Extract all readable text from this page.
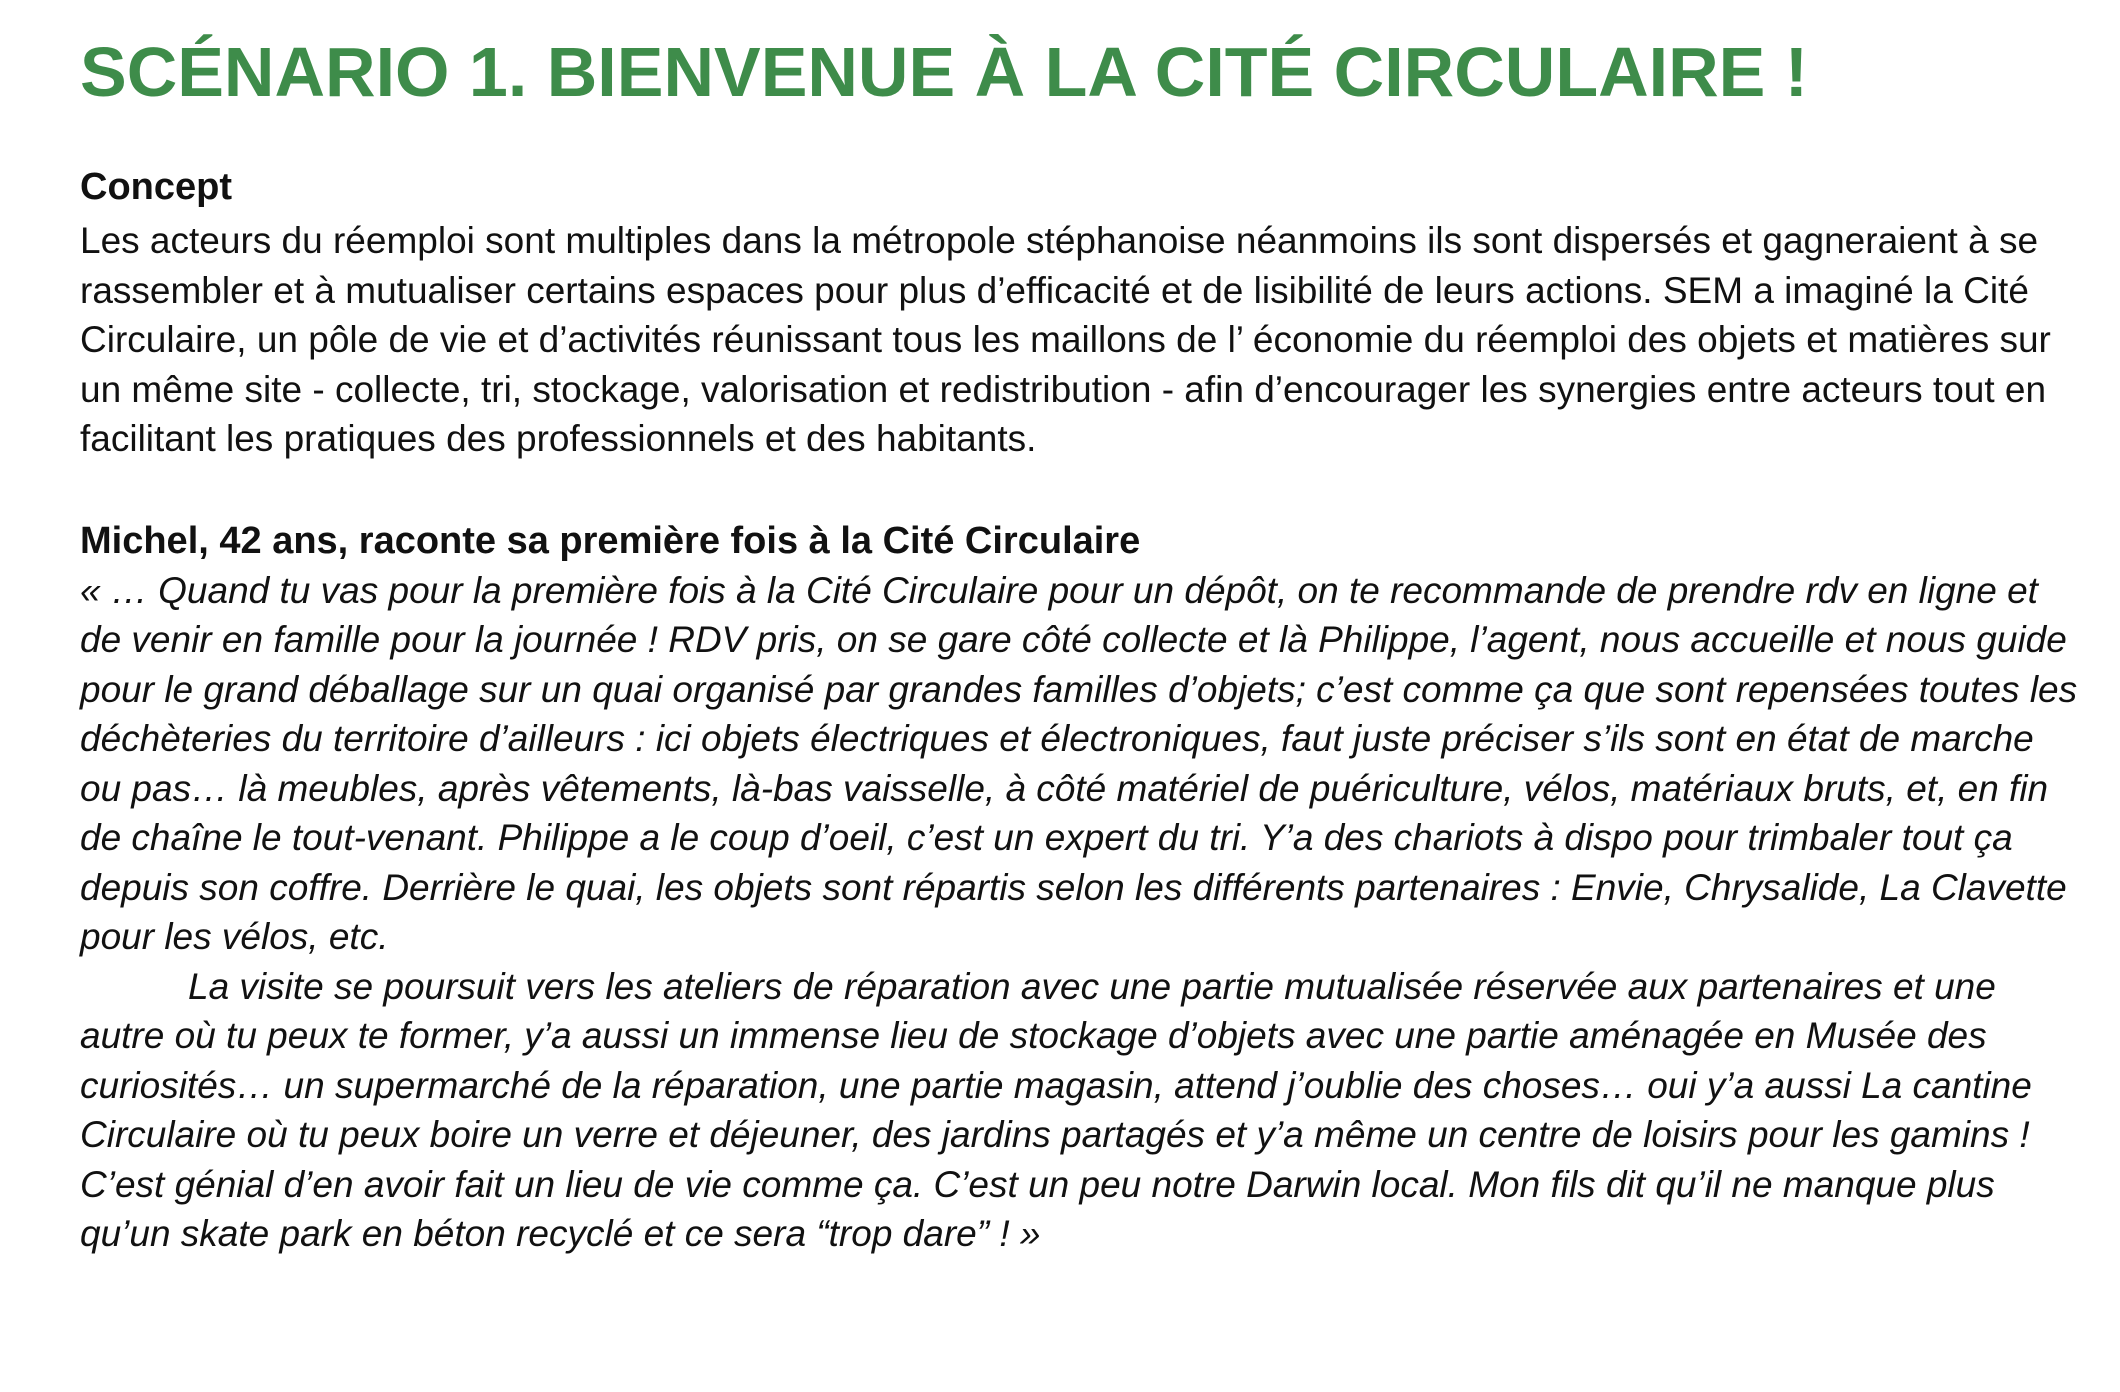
SCÉNARIO 1. BIENVENUE À LA CITÉ CIRCULAIRE !
Concept

Les acteurs du réemploi sont multiples dans la métropole stéphanoise néanmoins ils sont dispersés et gagneraient à se rassembler et à mutualiser certains espaces pour plus d’efficacité et de lisibilité de leurs actions. SEM a imaginé la Cité Circulaire, un pôle de vie et d’activités réunissant tous les maillons de l’ économie du réemploi des objets et matières sur un même site - collecte, tri, stockage, valorisation et redistribution - afin d’encourager les synergies entre acteurs tout en facilitant les pratiques des professionnels et des habitants.

Michel, 42 ans, raconte sa première fois à la Cité Circulaire

« … Quand tu vas pour la première fois à la Cité Circulaire pour un dépôt, on te recommande de prendre rdv en ligne et de venir en famille pour la journée ! RDV pris, on se gare côté collecte et là Philippe, l’agent, nous accueille et nous guide pour le grand déballage sur un quai organisé par grandes familles d’objets; c’est comme ça que sont repensées toutes les déchèteries du territoire d’ailleurs : ici objets électriques et électroniques, faut juste préciser s’ils sont en état de marche ou pas… là meubles, après vêtements, là-bas vaisselle, à côté matériel de puériculture, vélos, matériaux bruts, et, en fin de chaîne le tout-venant. Philippe a le coup d’oeil, c’est un expert du tri. Y’a des chariots à dispo pour trimbaler tout ça depuis son coffre. Derrière le quai, les objets sont répartis selon les différents partenaires : Envie, Chrysalide, La Clavette pour les vélos, etc.

La visite se poursuit vers les ateliers de réparation avec une partie mutualisée réservée aux partenaires et une autre où tu peux te former, y’a aussi un immense lieu de stockage d’objets avec une partie aménagée en Musée des curiosités… un supermarché de la réparation, une partie magasin, attend j’oublie des choses… oui y’a aussi La cantine Circulaire où tu peux boire un verre et déjeuner, des jardins partagés et y’a même un centre de loisirs pour les gamins ! C’est génial d’en avoir fait un lieu de vie comme ça. C’est un peu notre Darwin local. Mon fils dit qu’il ne manque plus qu’un skate park en béton recyclé et ce sera “trop dare” ! »
